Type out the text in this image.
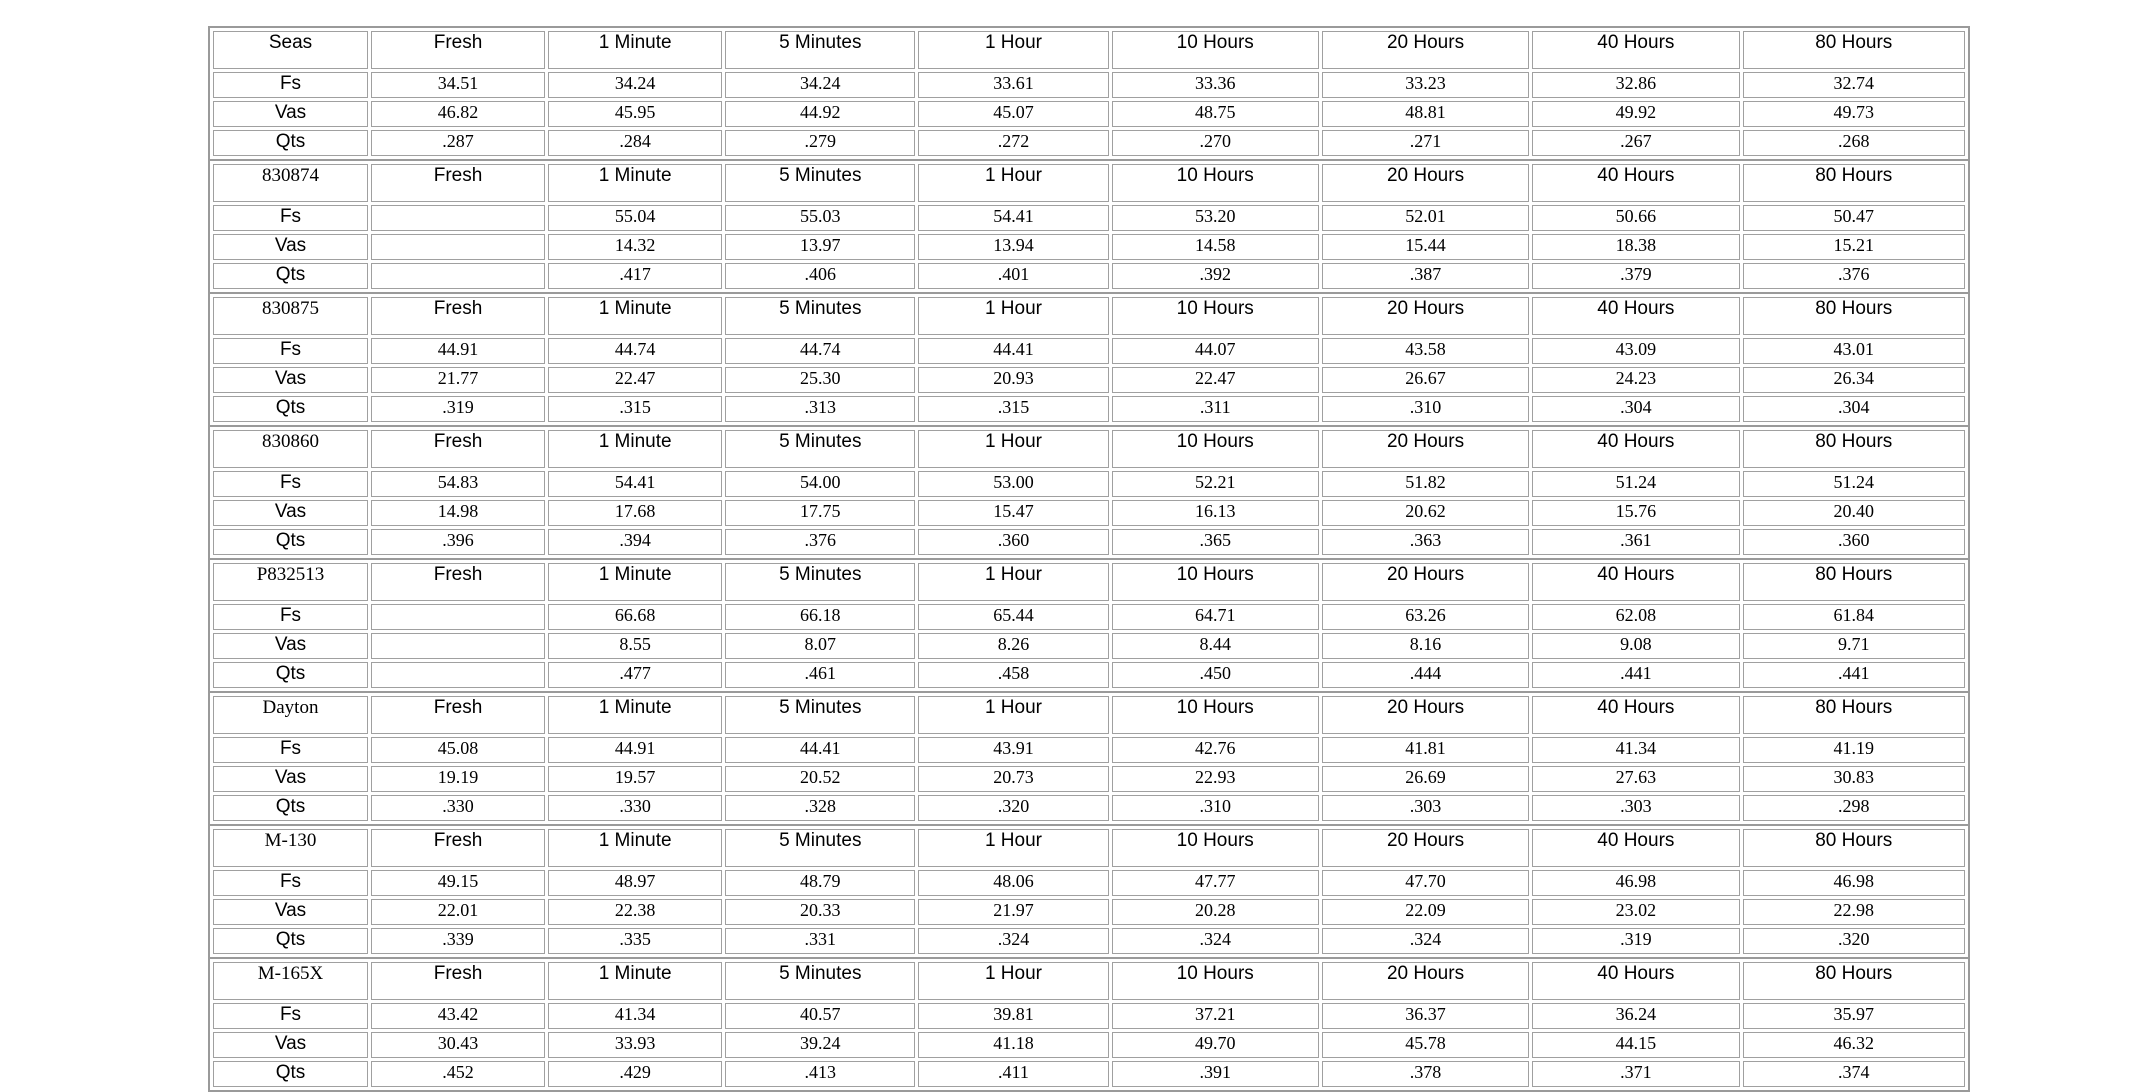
Seas	Fresh	1 Minute	5 Minutes	1 Hour	10 Hours	20 Hours	40 Hours	80 Hours
Fs	34.51	34.24	34.24	33.61	33.36	33.23	32.86	32.74
Vas	46.82	45.95	44.92	45.07	48.75	48.81	49.92	49.73
Qts	.287	.284	.279	.272	.270	.271	.267	.268

830874	Fresh	1 Minute	5 Minutes	1 Hour	10 Hours	20 Hours	40 Hours	80 Hours
Fs		55.04	55.03	54.41	53.20	52.01	50.66	50.47
Vas		14.32	13.97	13.94	14.58	15.44	18.38	15.21
Qts		.417	.406	.401	.392	.387	.379	.376

830875	Fresh	1 Minute	5 Minutes	1 Hour	10 Hours	20 Hours	40 Hours	80 Hours
Fs	44.91	44.74	44.74	44.41	44.07	43.58	43.09	43.01
Vas	21.77	22.47	25.30	20.93	22.47	26.67	24.23	26.34
Qts	.319	.315	.313	.315	.311	.310	.304	.304

830860	Fresh	1 Minute	5 Minutes	1 Hour	10 Hours	20 Hours	40 Hours	80 Hours
Fs	54.83	54.41	54.00	53.00	52.21	51.82	51.24	51.24
Vas	14.98	17.68	17.75	15.47	16.13	20.62	15.76	20.40
Qts	.396	.394	.376	.360	.365	.363	.361	.360

P832513	Fresh	1 Minute	5 Minutes	1 Hour	10 Hours	20 Hours	40 Hours	80 Hours
Fs		66.68	66.18	65.44	64.71	63.26	62.08	61.84
Vas		8.55	8.07	8.26	8.44	8.16	9.08	9.71
Qts		.477	.461	.458	.450	.444	.441	.441

Dayton	Fresh	1 Minute	5 Minutes	1 Hour	10 Hours	20 Hours	40 Hours	80 Hours
Fs	45.08	44.91	44.41	43.91	42.76	41.81	41.34	41.19
Vas	19.19	19.57	20.52	20.73	22.93	26.69	27.63	30.83
Qts	.330	.330	.328	.320	.310	.303	.303	.298

M-130	Fresh	1 Minute	5 Minutes	1 Hour	10 Hours	20 Hours	40 Hours	80 Hours
Fs	49.15	48.97	48.79	48.06	47.77	47.70	46.98	46.98
Vas	22.01	22.38	20.33	21.97	20.28	22.09	23.02	22.98
Qts	.339	.335	.331	.324	.324	.324	.319	.320

M-165X	Fresh	1 Minute	5 Minutes	1 Hour	10 Hours	20 Hours	40 Hours	80 Hours
Fs	43.42	41.34	40.57	39.81	37.21	36.37	36.24	35.97
Vas	30.43	33.93	39.24	41.18	49.70	45.78	44.15	46.32
Qts	.452	.429	.413	.411	.391	.378	.371	.374
